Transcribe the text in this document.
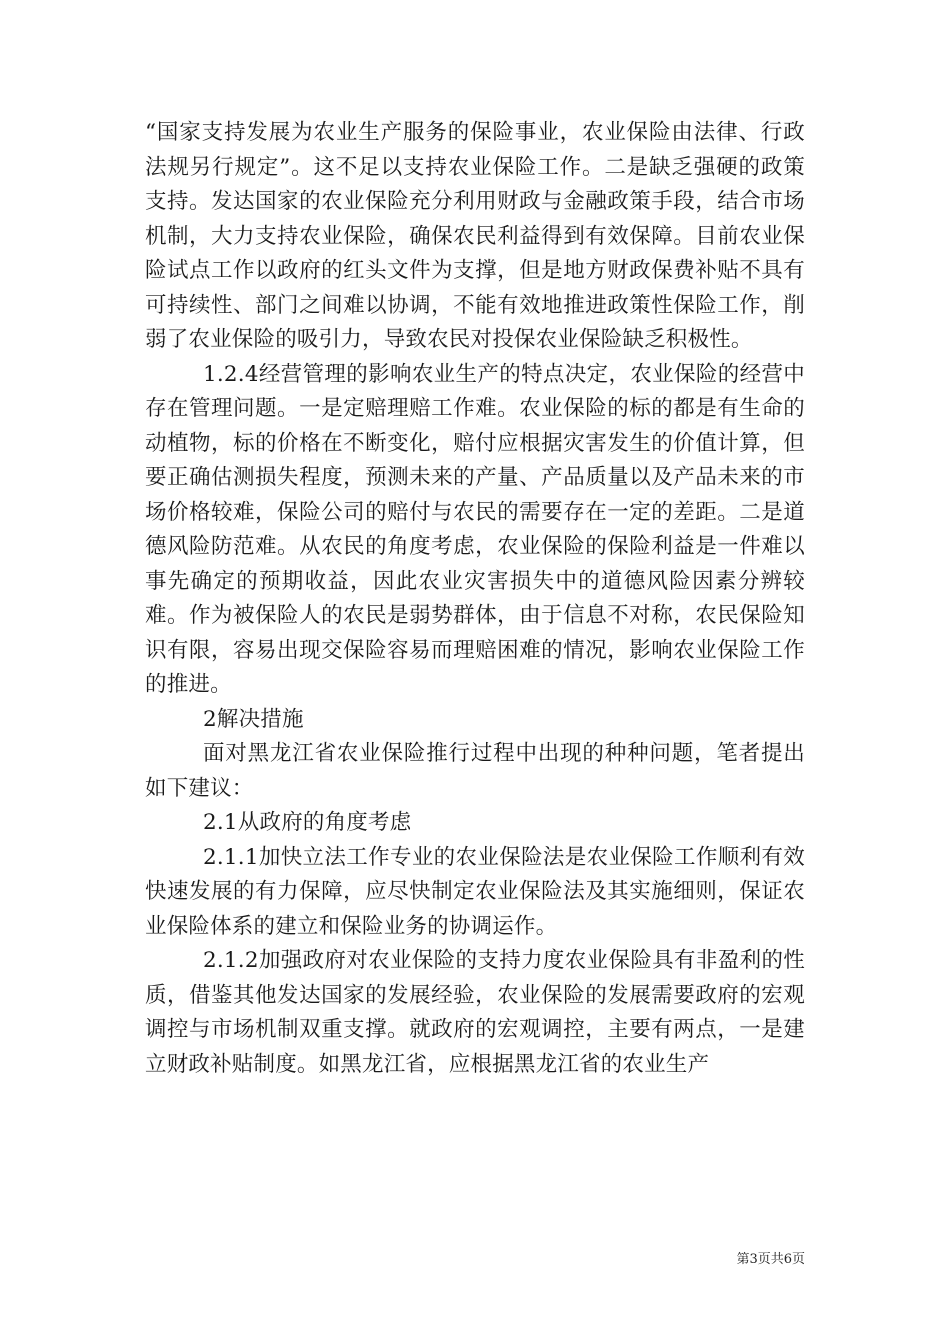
“国家支持发展为农业生产服务的保险事业，农业保险由法律、行政法规另行规定”。这不足以支持农业保险工作。二是缺乏强硬的政策支持。发达国家的农业保险充分利用财政与金融政策手段，结合市场机制，大力支持农业保险，确保农民利益得到有效保障。目前农业保险试点工作以政府的红头文件为支撑，但是地方财政保费补贴不具有可持续性、部门之间难以协调，不能有效地推进政策性保险工作，削弱了农业保险的吸引力，导致农民对投保农业保险缺乏积极性。

1.2.4经营管理的影响农业生产的特点决定，农业保险的经营中存在管理问题。一是定赔理赔工作难。农业保险的标的都是有生命的动植物，标的价格在不断变化，赔付应根据灾害发生的价值计算，但要正确估测损失程度，预测未来的产量、产品质量以及产品未来的市场价格较难，保险公司的赔付与农民的需要存在一定的差距。二是道德风险防范难。从农民的角度考虑，农业保险的保险利益是一件难以事先确定的预期收益，因此农业灾害损失中的道德风险因素分辨较难。作为被保险人的农民是弱势群体，由于信息不对称，农民保险知识有限，容易出现交保险容易而理赔困难的情况，影响农业保险工作的推进。

2解决措施

面对黑龙江省农业保险推行过程中出现的种种问题，笔者提出如下建议：

2.1从政府的角度考虑

2.1.1加快立法工作专业的农业保险法是农业保险工作顺利有效快速发展的有力保障，应尽快制定农业保险法及其实施细则，保证农业保险体系的建立和保险业务的协调运作。

2.1.2加强政府对农业保险的支持力度农业保险具有非盈利的性质，借鉴其他发达国家的发展经验，农业保险的发展需要政府的宏观调控与市场机制双重支撑。就政府的宏观调控，主要有两点，一是建立财政补贴制度。如黑龙江省，应根据黑龙江省的农业生产

第3页共6页
